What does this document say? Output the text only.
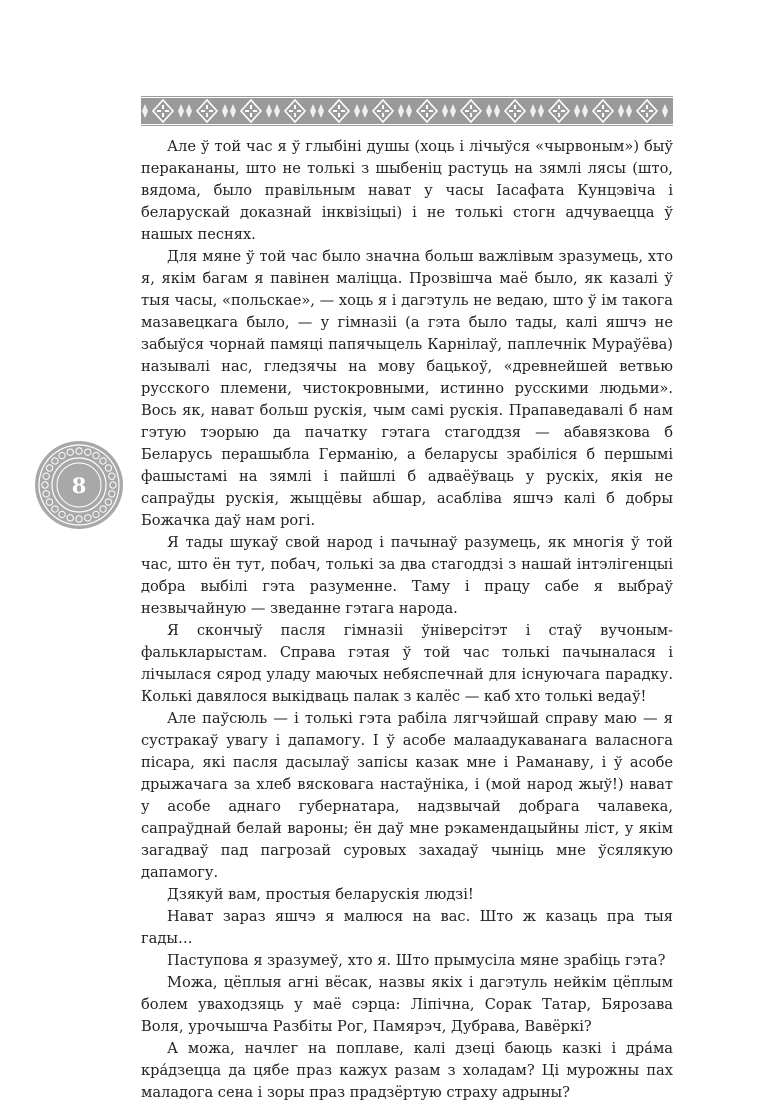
8

Але ў той час я ў глыбіні душы (хоць і лічыўся «чырвоным») быў перакананы, што не толькі з шыбеніц растуць на зямлі лясы (што, вядома, было правільным нават у часы Іасафата Кунцэвіча і беларускай доказнай інквізіцыі) і не толькі стогн адчуваецца ў нашых песнях.

Для мяне ў той час было значна больш важлівым зразумець, хто я, якім багам я павінен маліцца. Прозвішча маё было, як казалі ў тыя часы, «польскае», — хоць я і дагэтуль не ведаю, што ў ім такога мазавецкага было, — у гімназіі (а гэта было тады, калі яшчэ не забыўся чорнай памяці папячыцель Карнілаў, паплечнік Мураўёва) называлі нас, гледзячы на мову бацькоў, «древнейшей ветвью русского племени, чистокровными, истинно русскими людьми». Вось як, нават больш рускія, чым самі рускія. Прапаведавалі б нам гэтую тэорыю да пачатку гэтага стагоддзя — абавязкова б Беларусь перашыбла Германію, а беларусы зрабіліся б першымі фашыстамі на зямлі і пайшлі б адваёўваць у рускіх, якія не сапраўды рускія, жыццёвы абшар, асабліва яшчэ калі б добры Божачка даў нам рогі.

Я тады шукаў свой народ і пачынаў разумець, як многія ў той час, што ён тут, побач, толькі за два стагоддзі з нашай інтэлігенцыі добра выбілі гэта разуменне. Таму і працу сабе я выбраў незвычайную — зведанне гэтага народа.

Я скончыў пасля гімназіі ўніверсітэт і стаў вучоным-фалькларыстам. Справа гэтая ў той час толькі пачыналася і лічылася сярод уладу маючых небяспечнай для існуючага парадку. Колькі давялося выкідваць палак з калёс — каб хто толькі ведаў!

Але паўсюль — і толькі гэта рабіла лягчэйшай справу маю — я сустракаў увагу і дапамогу. І ў асобе малаадукаванага валаснога пісара, які пасля дасылаў запісы казак мне і Раманаву, і ў асобе дрыжачага за хлеб вясковага настаўніка, і (мой народ жыў!) нават у асобе аднаго губернатара, надзвычай добрага чалавека, сапраўднай белай вароны; ён даў мне рэкамендацыйны ліст, у якім загадваў пад пагрозай суровых захадаў чыніць мне ўсялякую дапамогу.

Дзякуй вам, простыя беларускія людзі!

Нават зараз яшчэ я малюся на вас. Што ж казаць пра тыя гады…

Паступова я зразумеў, хто я. Што прымусіла мяне зрабіць гэта?

Можа, цёплыя агні вёсак, назвы якіх і дагэтуль нейкім цёплым болем уваходзяць у маё сэрца: Ліпічна, Сорак Татар, Бярозава Воля, урочышча Разбіты Рог, Памярэч, Дубрава, Вавёркі?

А можа, начлег на поплаве, калі дзеці баюць казкі і дра́ма кра́дзецца да цябе праз кажух разам з холадам? Ці мурожны пах маладога сена і зоры праз прадзёртую страху адрыны?
